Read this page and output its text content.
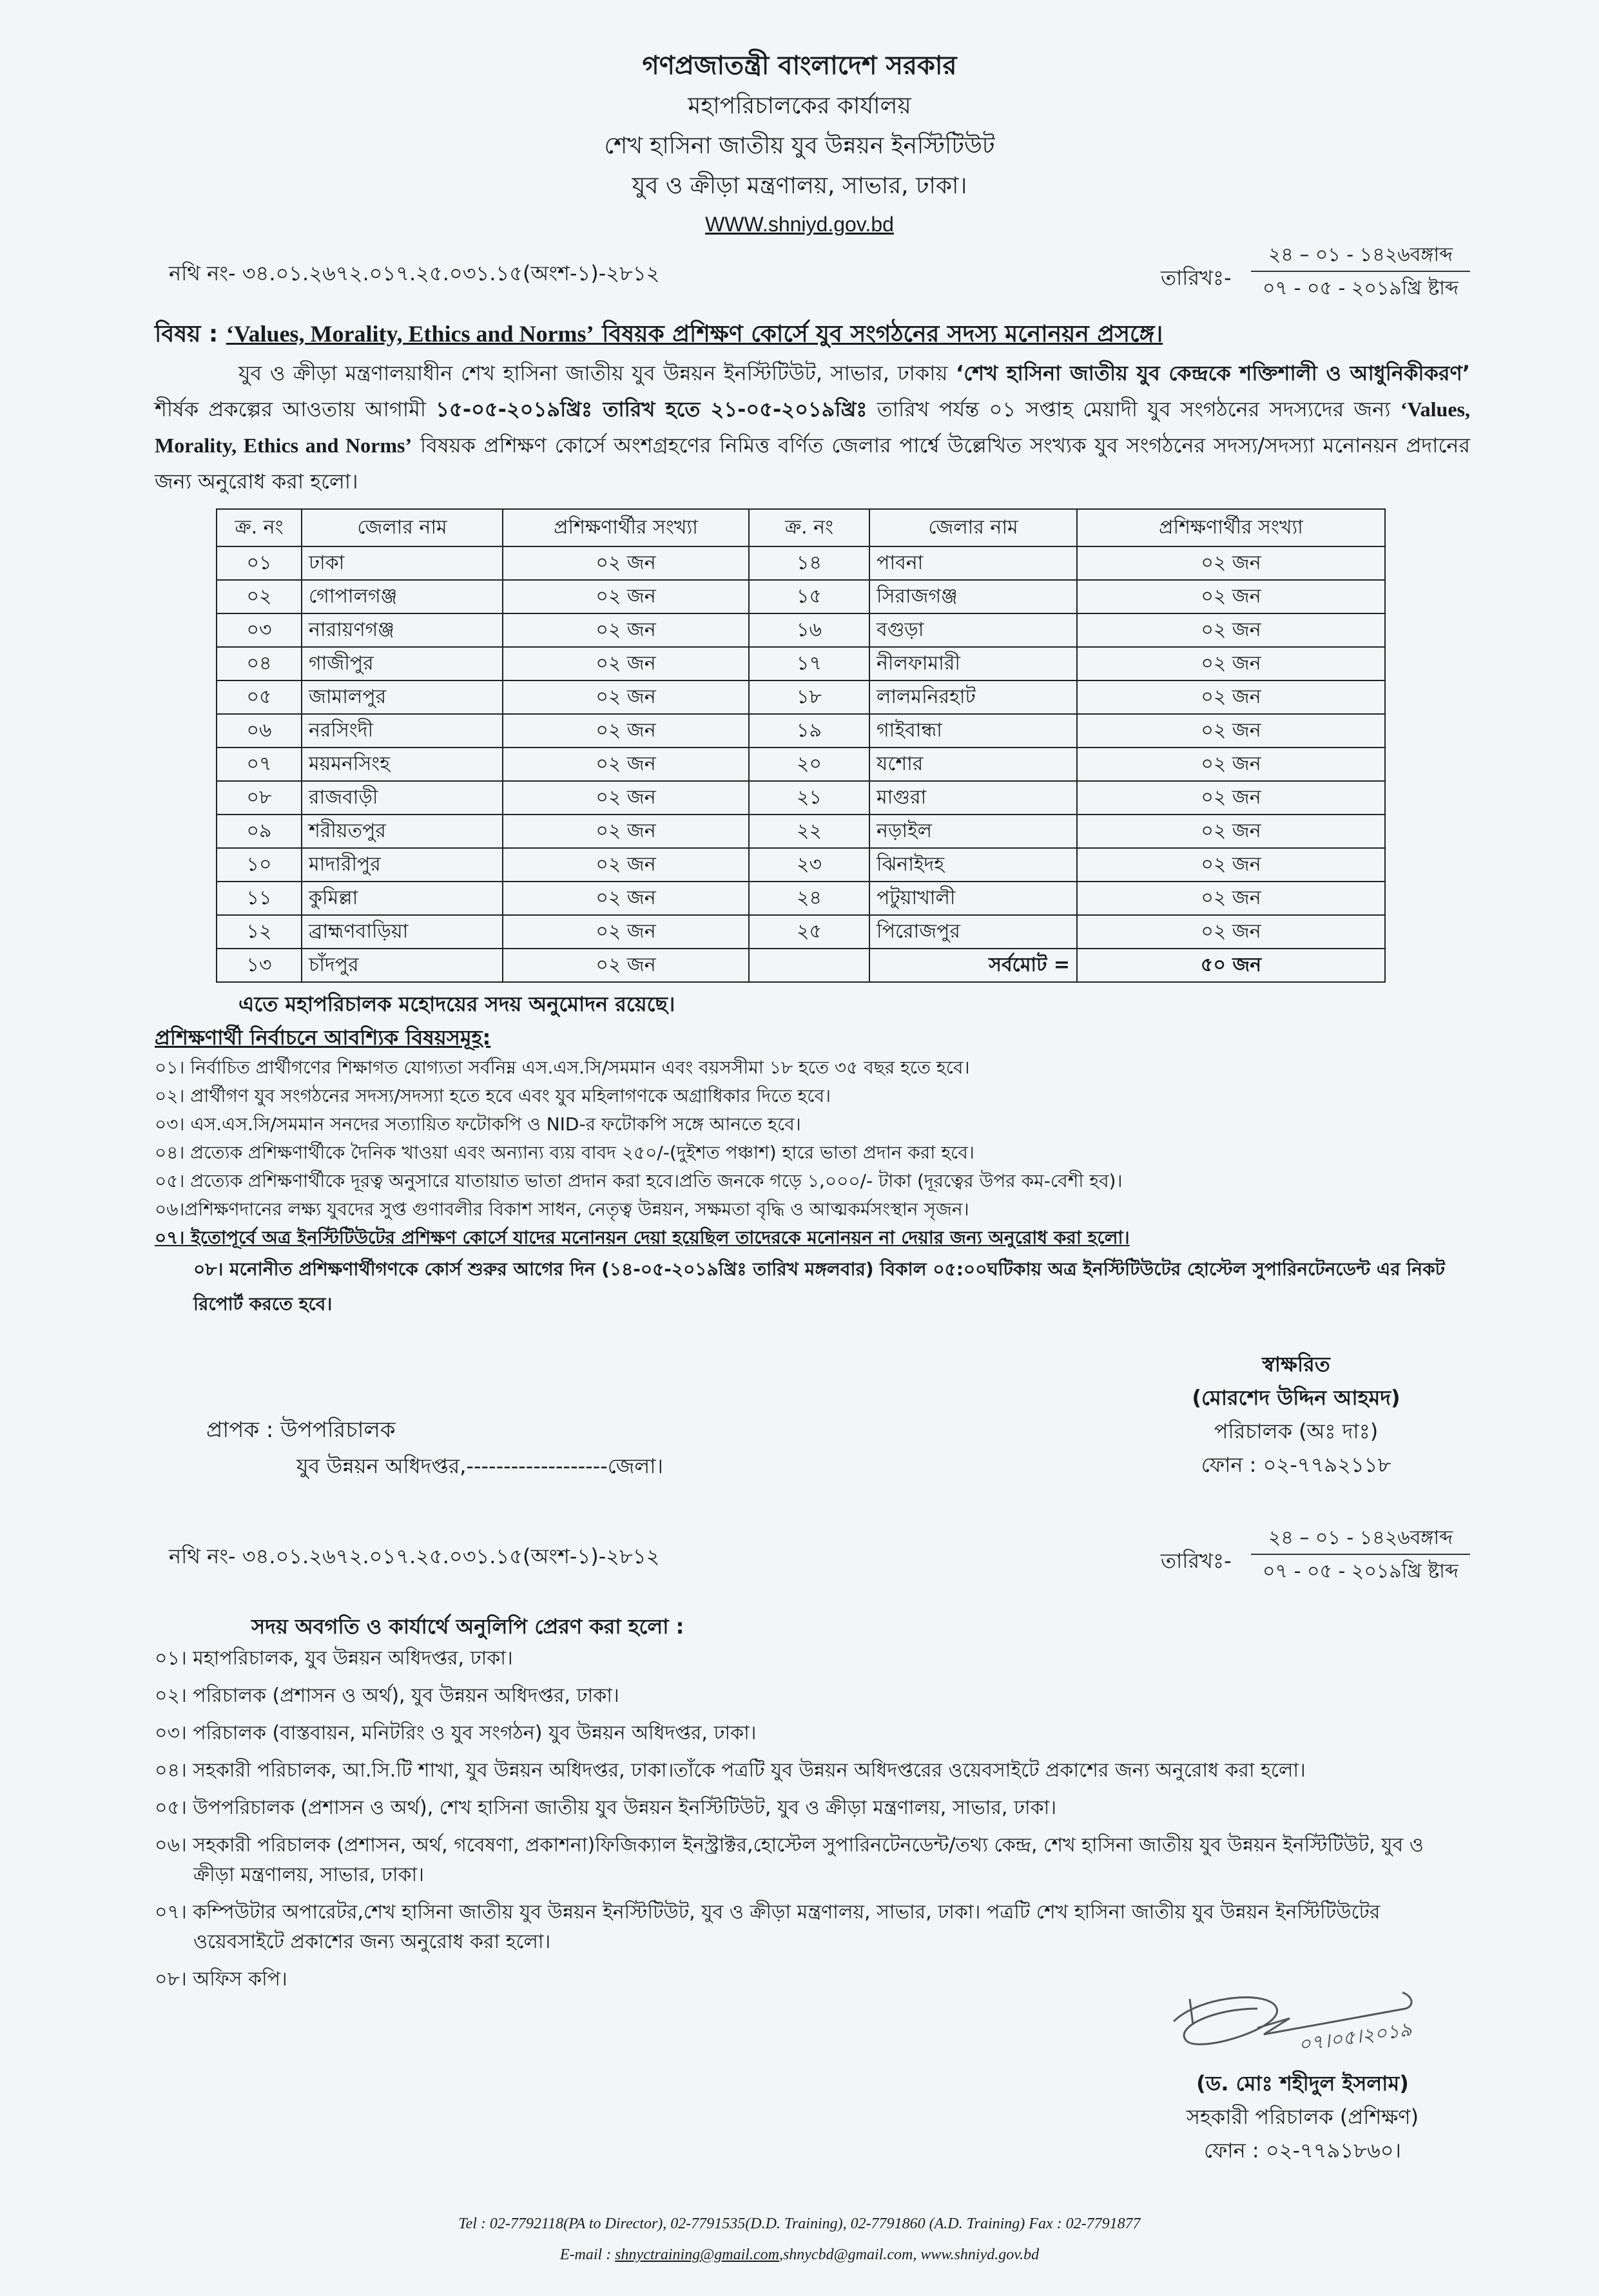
গণপ্রজাতন্ত্রী বাংলাদেশ সরকার
মহাপরিচালকের কার্যালয়
শেখ হাসিনা জাতীয় যুব উন্নয়ন ইনস্টিটিউট
যুব ও ক্রীড়া মন্ত্রণালয়, সাভার, ঢাকা।
WWW.shniyd.gov.bd
নথি নং- ৩৪.০১.২৬৭২.০১৭.২৫.০৩১.১৫(অংশ-১)-২৮১২	তারিখঃ-
২৪ – ০১ - ১৪২৬বঙ্গাব্দ
০৭ - ০৫ - ২০১৯খ্রি ষ্টাব্দ
বিষয় : ‘Values, Morality, Ethics and Norms’ বিষয়ক প্রশিক্ষণ কোর্সে যুব সংগঠনের সদস্য মনোনয়ন প্রসঙ্গে।
যুব ও ক্রীড়া মন্ত্রণালয়াধীন শেখ হাসিনা জাতীয় যুব উন্নয়ন ইনস্টিটিউট, সাভার, ঢাকায় ‘শেখ হাসিনা জাতীয় যুব কেন্দ্রকে শক্তিশালী ও আধুনিকীকরণ’ শীর্ষক প্রকল্পের আওতায় আগামী ১৫-০৫-২০১৯খ্রিঃ তারিখ হতে ২১-০৫-২০১৯খ্রিঃ তারিখ পর্যন্ত ০১ সপ্তাহ মেয়াদী যুব সংগঠনের সদস্যদের জন্য ‘Values, Morality, Ethics and Norms’ বিষয়ক প্রশিক্ষণ কোর্সে অংশগ্রহণের নিমিত্ত বর্ণিত জেলার পার্শ্বে উল্লেখিত সংখ্যক যুব সংগঠনের সদস্য/সদস্যা মনোনয়ন প্রদানের জন্য অনুরোধ করা হলো।
ক্র. নং	জেলার নাম	প্রশিক্ষণার্থীর সংখ্যা	ক্র. নং	জেলার নাম	প্রশিক্ষণার্থীর সংখ্যা
০১	ঢাকা	০২ জন	১৪	পাবনা	০২ জন
০২	গোপালগঞ্জ	০২ জন	১৫	সিরাজগঞ্জ	০২ জন
০৩	নারায়ণগঞ্জ	০২ জন	১৬	বগুড়া	০২ জন
০৪	গাজীপুর	০২ জন	১৭	নীলফামারী	০২ জন
০৫	জামালপুর	০২ জন	১৮	লালমনিরহাট	০২ জন
০৬	নরসিংদী	০২ জন	১৯	গাইবান্ধা	০২ জন
০৭	ময়মনসিংহ	০২ জন	২০	যশোর	০২ জন
০৮	রাজবাড়ী	০২ জন	২১	মাগুরা	০২ জন
০৯	শরীয়তপুর	০২ জন	২২	নড়াইল	০২ জন
১০	মাদারীপুর	০২ জন	২৩	ঝিনাইদহ	০২ জন
১১	কুমিল্লা	০২ জন	২৪	পটুয়াখালী	০২ জন
১২	ব্রাহ্মণবাড়িয়া	০২ জন	২৫	পিরোজপুর	০২ জন
১৩	চাঁদপুর	০২ জন		সর্বমোট =	৫০ জন
এতে মহাপরিচালক মহোদয়ের সদয় অনুমোদন রয়েছে।
প্রশিক্ষণার্থী নির্বাচনে আবশ্যিক বিষয়সমূহ:
০১। নির্বাচিত প্রার্থীগণের শিক্ষাগত যোগ্যতা সর্বনিম্ন এস.এস.সি/সমমান এবং বয়সসীমা ১৮ হতে ৩৫ বছর হতে হবে।
০২। প্রার্থীগণ যুব সংগঠনের সদস্য/সদস্যা হতে হবে এবং যুব মহিলাগণকে অগ্রাধিকার দিতে হবে।
০৩। এস.এস.সি/সমমান সনদের সত্যায়িত ফটোকপি ও NID-র ফটোকপি সঙ্গে আনতে হবে।
০৪। প্রত্যেক প্রশিক্ষণার্থীকে দৈনিক খাওয়া এবং অন্যান্য ব্যয় বাবদ ২৫০/-(দুইশত পঞ্চাশ) হারে ভাতা প্রদান করা হবে।
০৫। প্রত্যেক প্রশিক্ষণার্থীকে দূরত্ব অনুসারে যাতায়াত ভাতা প্রদান করা হবে।প্রতি জনকে গড়ে ১,০০০/- টাকা (দূরত্বের উপর কম-বেশী হব)।
০৬।প্রশিক্ষণদানের লক্ষ্য যুবদের সুপ্ত গুণাবলীর বিকাশ সাধন, নেতৃত্ব উন্নয়ন, সক্ষমতা বৃদ্ধি ও আত্মকর্মসংস্থান সৃজন।
০৭। ইতোপূর্বে অত্র ইনস্টিটিউটের প্রশিক্ষণ কোর্সে যাদের মনোনয়ন দেয়া হয়েছিল তাদেরকে মনোনয়ন না দেয়ার জন্য অনুরোধ করা হলো।
০৮। মনোনীত প্রশিক্ষণার্থীগণকে কোর্স শুরুর আগের দিন (১৪-০৫-২০১৯খ্রিঃ তারিখ মঙ্গলবার) বিকাল ০৫:০০ঘটিকায় অত্র ইনস্টিটিউটের হোস্টেল সুপারিনটেনডেন্ট এর নিকট রিপোর্ট করতে হবে।
স্বাক্ষরিত
(মোরশেদ উদ্দিন আহমদ)
পরিচালক (অঃ দাঃ)
ফোন : ০২-৭৭৯২১১৮
প্রাপক : উপপরিচালক
যুব উন্নয়ন অধিদপ্তর,-------------------জেলা।
নথি নং- ৩৪.০১.২৬৭২.০১৭.২৫.০৩১.১৫(অংশ-১)-২৮১২	তারিখঃ-
২৪ – ০১ - ১৪২৬বঙ্গাব্দ
০৭ - ০৫ - ২০১৯খ্রি ষ্টাব্দ
সদয় অবগতি ও কার্যার্থে অনুলিপি প্রেরণ করা হলো :
০১। মহাপরিচালক, যুব উন্নয়ন অধিদপ্তর, ঢাকা।
০২। পরিচালক (প্রশাসন ও অর্থ), যুব উন্নয়ন অধিদপ্তর, ঢাকা।
০৩। পরিচালক (বাস্তবায়ন, মনিটরিং ও যুব সংগঠন) যুব উন্নয়ন অধিদপ্তর, ঢাকা।
০৪। সহকারী পরিচালক, আ.সি.টি শাখা, যুব উন্নয়ন অধিদপ্তর, ঢাকা।তাঁকে পত্রটি যুব উন্নয়ন অধিদপ্তরের ওয়েবসাইটে প্রকাশের জন্য অনুরোধ করা হলো।
০৫। উপপরিচালক (প্রশাসন ও অর্থ), শেখ হাসিনা জাতীয় যুব উন্নয়ন ইনস্টিটিউট, যুব ও ক্রীড়া মন্ত্রণালয়, সাভার, ঢাকা।
০৬। সহকারী পরিচালক (প্রশাসন, অর্থ, গবেষণা, প্রকাশনা)ফিজিক্যাল ইনস্ট্রাক্টর,হোস্টেল সুপারিনটেনডেন্ট/তথ্য কেন্দ্র, শেখ হাসিনা জাতীয় যুব উন্নয়ন ইনস্টিটিউট, যুব ও ক্রীড়া মন্ত্রণালয়, সাভার, ঢাকা।
০৭। কম্পিউটার অপারেটর,শেখ হাসিনা জাতীয় যুব উন্নয়ন ইনস্টিটিউট, যুব ও ক্রীড়া মন্ত্রণালয়, সাভার, ঢাকা। পত্রটি শেখ হাসিনা জাতীয় যুব উন্নয়ন ইনস্টিটিউটের ওয়েবসাইটে প্রকাশের জন্য অনুরোধ করা হলো।
০৮। অফিস কপি।
০৭।০৫।২০১৯
(ড. মোঃ শহীদুল ইসলাম)
সহকারী পরিচালক (প্রশিক্ষণ)
ফোন : ০২-৭৭৯১৮৬০।
Tel : 02-7792118(PA to Director), 02-7791535(D.D. Training), 02-7791860 (A.D. Training) Fax : 02-7791877
E-mail : shnyctraining@gmail.com,shnycbd@gmail.com, www.shniyd.gov.bd
